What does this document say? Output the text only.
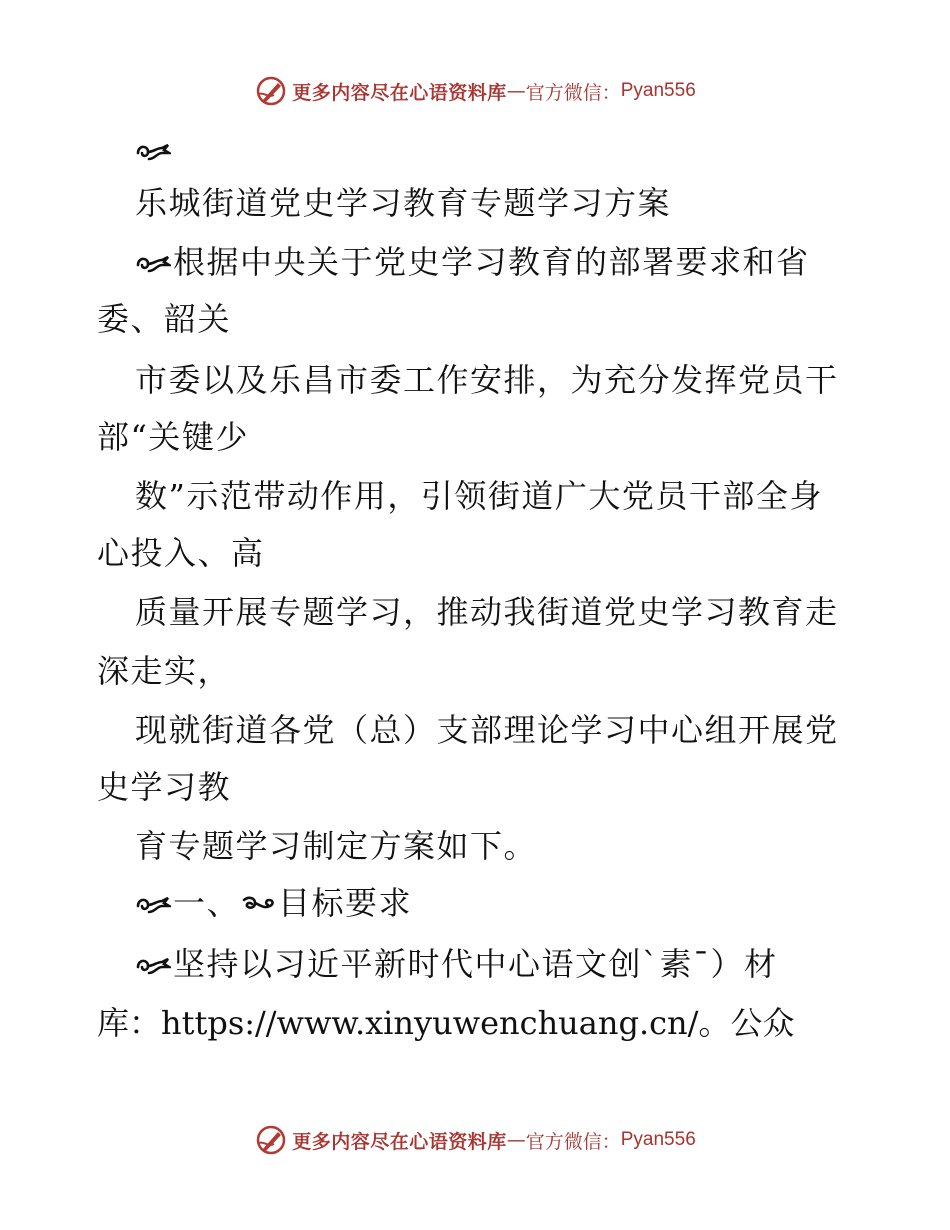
更多内容尽在心语资料库 — 官方微信： Pyan556
乐城街道党史学习教育专题学习方案
根据中央关于党史学习教育的部署要求和省
委、韶关
市委以及乐昌市委工作安排，为充分发挥党员干
部“关键少
数”示范带动作用，引领街道广大党员干部全身
心投入、高
质量开展专题学习，推动我街道党史学习教育走
深走实，
现就街道各党（总）支部理论学习中心组开展党
史学习教
育专题学习制定方案如下。
一、 目标要求
坚持以习近平新时代中心语文创`素¯）材
库：https://www.xinyuwenchuang.cn/。公众
更多内容尽在心语资料库 — 官方微信： Pyan556
